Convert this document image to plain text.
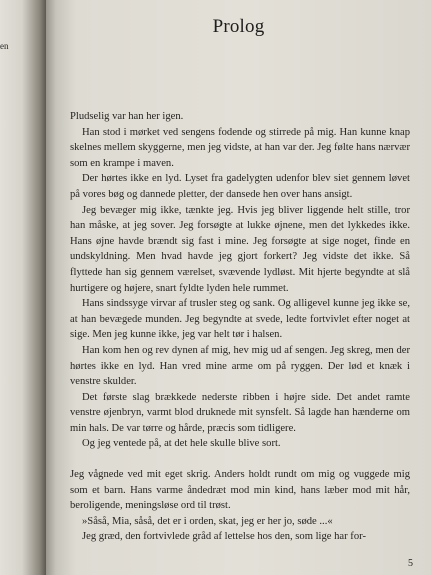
en
Prolog

Pludselig var han her igen.

Han stod i mørket ved sengens fodende og stirrede på mig. Han kunne knap skelnes mellem skyggerne, men jeg vidste, at han var der. Jeg følte hans nærvær som en krampe i maven.

Der hørtes ikke en lyd. Lyset fra gadelygten udenfor blev siet gennem løvet på vores bøg og dannede pletter, der dansede hen over hans ansigt.

Jeg bevæger mig ikke, tænkte jeg. Hvis jeg bliver liggende helt stille, tror han måske, at jeg sover. Jeg forsøgte at lukke øjnene, men det lykkedes ikke. Hans øjne havde brændt sig fast i mine. Jeg forsøgte at sige noget, finde en undskyldning. Men hvad havde jeg gjort forkert? Jeg vidste det ikke. Så flyttede han sig gennem værelset, svævende lydløst. Mit hjerte begyndte at slå hurtigere og højere, snart fyldte lyden hele rummet.

Hans sindssyge virvar af trusler steg og sank. Og alligevel kunne jeg ikke se, at han bevægede munden. Jeg begyndte at svede, ledte fortvivlet efter noget at sige. Men jeg kunne ikke, jeg var helt tør i halsen.

Han kom hen og rev dynen af mig, hev mig ud af sengen. Jeg skreg, men der hørtes ikke en lyd. Han vred mine arme om på ryggen. Der lød et knæk i venstre skulder.

Det første slag brækkede nederste ribben i højre side. Det andet ramte venstre øjenbryn, varmt blod druknede mit synsfelt. Så lagde han hænderne om min hals. De var tørre og hårde, præcis som tidligere.

Og jeg ventede på, at det hele skulle blive sort.

Jeg vågnede ved mit eget skrig. Anders holdt rundt om mig og vuggede mig som et barn. Hans varme åndedræt mod min kind, hans læber mod mit hår, beroligende, meningsløse ord til trøst.

»Såså, Mia, såså, det er i orden, skat, jeg er her jo, søde ...«

Jeg græd, den fortvivlede gråd af lettelse hos den, som lige har for-

5
